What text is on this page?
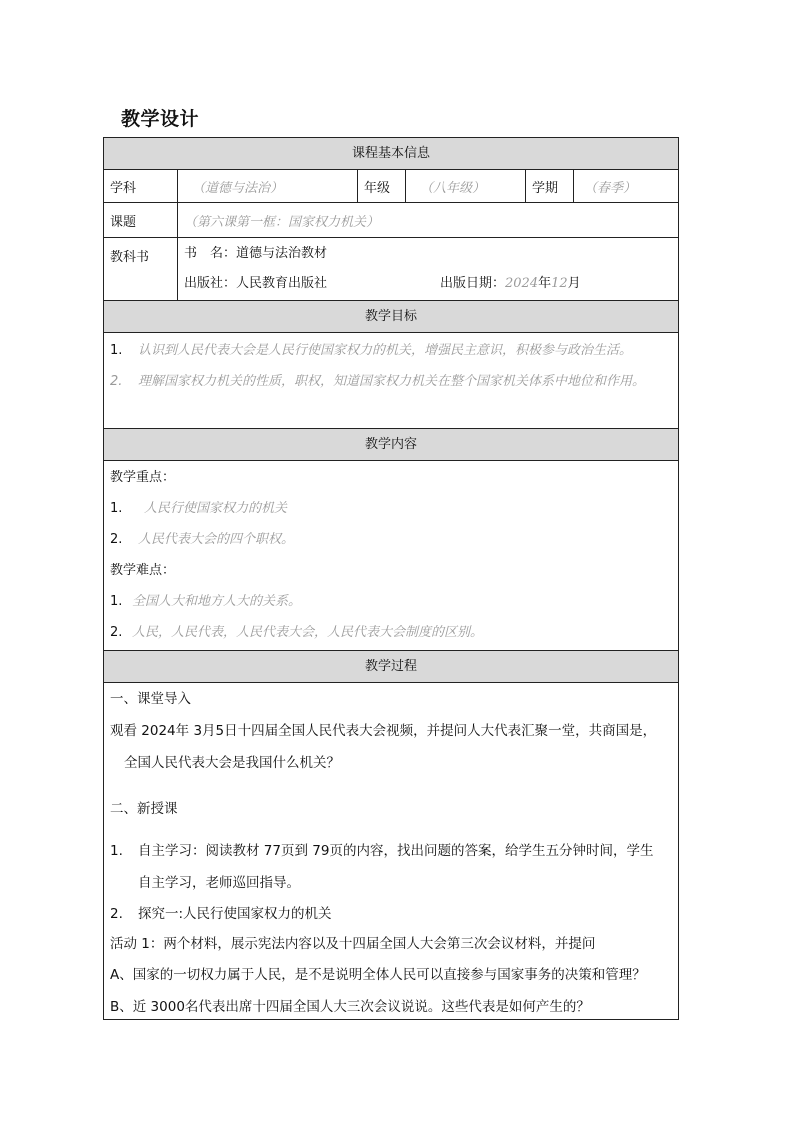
教学设计
课程基本信息
学科	（道德与法治）	年级	（八年级）	学期	（春季）
课题	（第六课第一框：国家权力机关）
教科书	书　名：道德与法治教材
出版社：人民教育出版社	出版日期： 2024 年 12 月
教学目标
1. 认识到人民代表大会是人民行使国家权力的机关，增强民主意识，积极参与政治生活。
2. 理解国家权力机关的性质，职权，知道国家权力机关在整个国家机关体系中地位和作用。
教学内容
教学重点：
1. 人民行使国家权力的机关
2. 人民代表大会的四个职权。
教学难点：
1. 全国人大和地方人大的关系。
2. 人民，人民代表，人民代表大会，人民代表大会制度的区别。
教学过程
一、课堂导入
观看 2024年 3月5日十四届全国人民代表大会视频，并提问人大代表汇聚一堂，共商国是，
全国人民代表大会是我国什么机关？
二、新授课
1. 自主学习：阅读教材 77页到 79页的内容，找出问题的答案，给学生五分钟时间，学生
自主学习，老师巡回指导。
2. 探究一:人民行使国家权力的机关
活动 1：两个材料，展示宪法内容以及十四届全国人大会第三次会议材料，并提问
A、国家的一切权力属于人民，是不是说明全体人民可以直接参与国家事务的决策和管理？
B、近 3000名代表出席十四届全国人大三次会议说说。这些代表是如何产生的？
